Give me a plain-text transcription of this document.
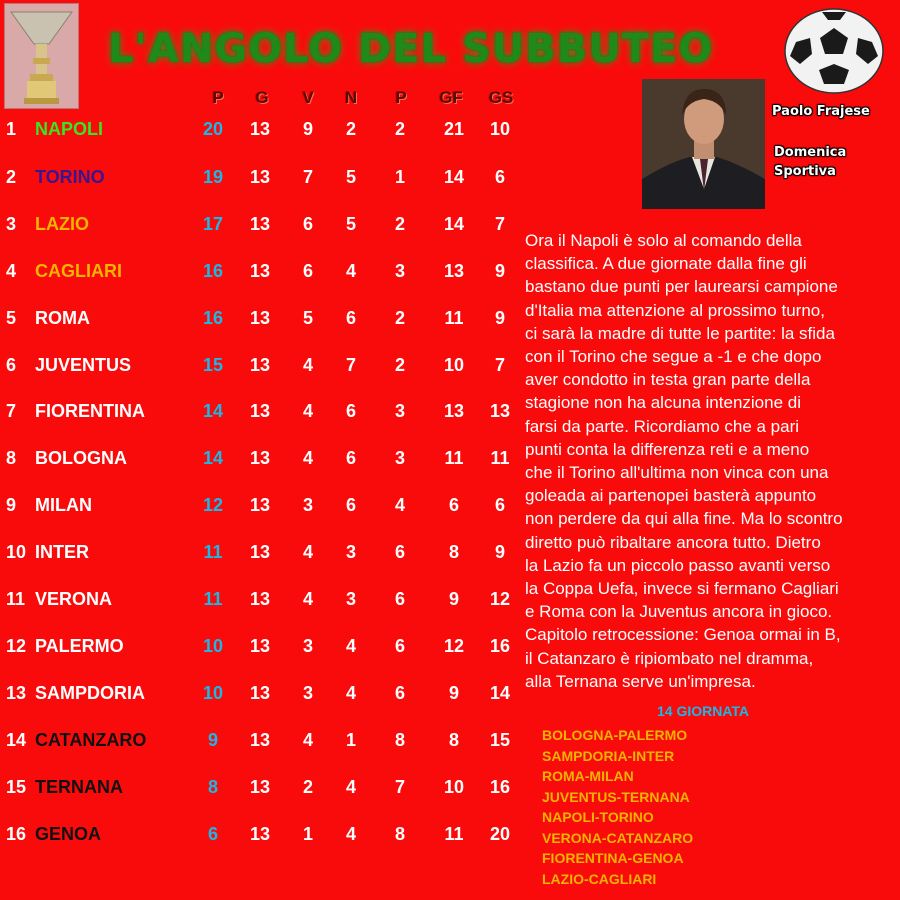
L'ANGOLO DEL SUBBUTEO
Paolo Frajese
Domenica
Sportiva
P	G	V	N	P	GF	GS
1 NAPOLI	20	13	9	2	2	21	10
2 TORINO	19	13	7	5	1	14	6
3 LAZIO	17	13	6	5	2	14	7
4 CAGLIARI	16	13	6	4	3	13	9
5 ROMA	16	13	5	6	2	11	9
6 JUVENTUS	15	13	4	7	2	10	7
7 FIORENTINA	14	13	4	6	3	13	13
8 BOLOGNA	14	13	4	6	3	11	11
9 MILAN	12	13	3	6	4	6	6
10 INTER	11	13	4	3	6	8	9
11 VERONA	11	13	4	3	6	9	12
12 PALERMO	10	13	3	4	6	12	16
13 SAMPDORIA	10	13	3	4	6	9	14
14 CATANZARO	9	13	4	1	8	8	15
15 TERNANA	8	13	2	4	7	10	16
16 GENOA	6	13	1	4	8	11	20
Ora il Napoli è solo al comando della
classifica. A due giornate dalla fine gli
bastano due punti per laurearsi campione
d'Italia ma attenzione al prossimo turno,
ci sarà la madre di tutte le partite: la sfida
con il Torino che segue a -1 e che dopo
aver condotto in testa gran parte della
stagione non ha alcuna intenzione di
farsi da parte. Ricordiamo che a pari
punti conta la differenza reti e a meno
che il Torino all'ultima non vinca con una
goleada ai partenopei basterà appunto
non perdere da qui alla fine. Ma lo scontro
diretto può ribaltare ancora tutto. Dietro
la Lazio fa un piccolo passo avanti verso
la Coppa Uefa, invece si fermano Cagliari
e Roma con la Juventus ancora in gioco.
Capitolo retrocessione: Genoa ormai in B,
il Catanzaro è ripiombato nel dramma,
alla Ternana serve un'impresa.
14 GIORNATA
BOLOGNA-PALERMO
SAMPDORIA-INTER
ROMA-MILAN
JUVENTUS-TERNANA
NAPOLI-TORINO
VERONA-CATANZARO
FIORENTINA-GENOA
LAZIO-CAGLIARI
